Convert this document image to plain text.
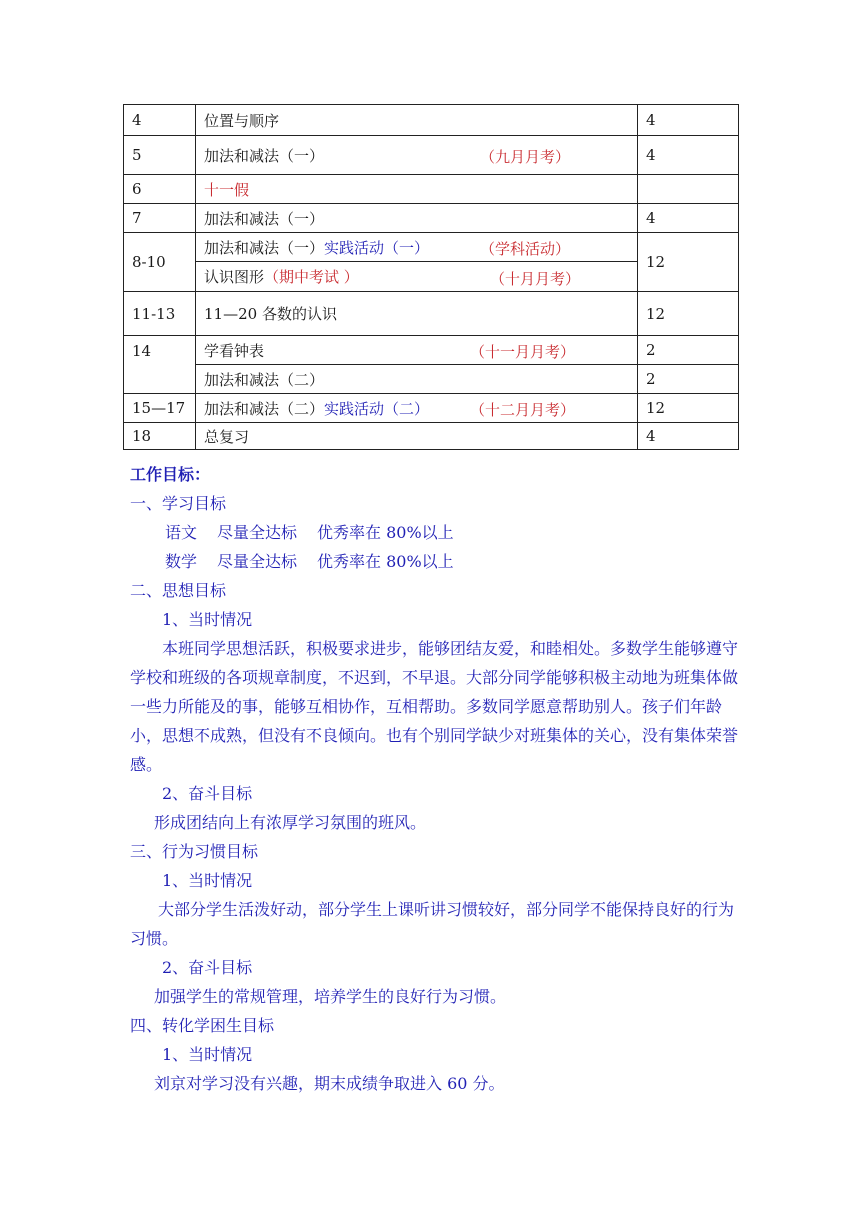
4	位置与顺序	4
5	加法和减法（一） （九月月考）	4
6	十一假	
7	加法和减法（一）	4
8-10	加法和减法（一）实践活动（一） （学科活动）	12
	认识图形（期中考试 ） （十月月考）	

11-13	11—20 各数的认识	12
14	学看钟表 （十一月月考）	2
	加法和减法（二）	2
15—17	加法和减法（二）实践活动（二） （十二月月考）	12
18	总复习	4

工作目标：

一、学习目标

语文 尽量全达标 优秀率在 80%以上

数学 尽量全达标 优秀率在 80%以上

二、思想目标

1、当时情况

本班同学思想活跃，积极要求进步，能够团结友爱，和睦相处。多数学生能够遵守学校和班级的各项规章制度，不迟到，不早退。大部分同学能够积极主动地为班集体做一些力所能及的事，能够互相协作，互相帮助。多数同学愿意帮助别人。孩子们年龄小，思想不成熟，但没有不良倾向。也有个别同学缺少对班集体的关心，没有集体荣誉感。

2、奋斗目标

形成团结向上有浓厚学习氛围的班风。

三、行为习惯目标

1、当时情况

大部分学生活泼好动，部分学生上课听讲习惯较好，部分同学不能保持良好的行为习惯。

2、奋斗目标

加强学生的常规管理，培养学生的良好行为习惯。

四、转化学困生目标

1、当时情况

刘京对学习没有兴趣，期末成绩争取进入 60 分。
